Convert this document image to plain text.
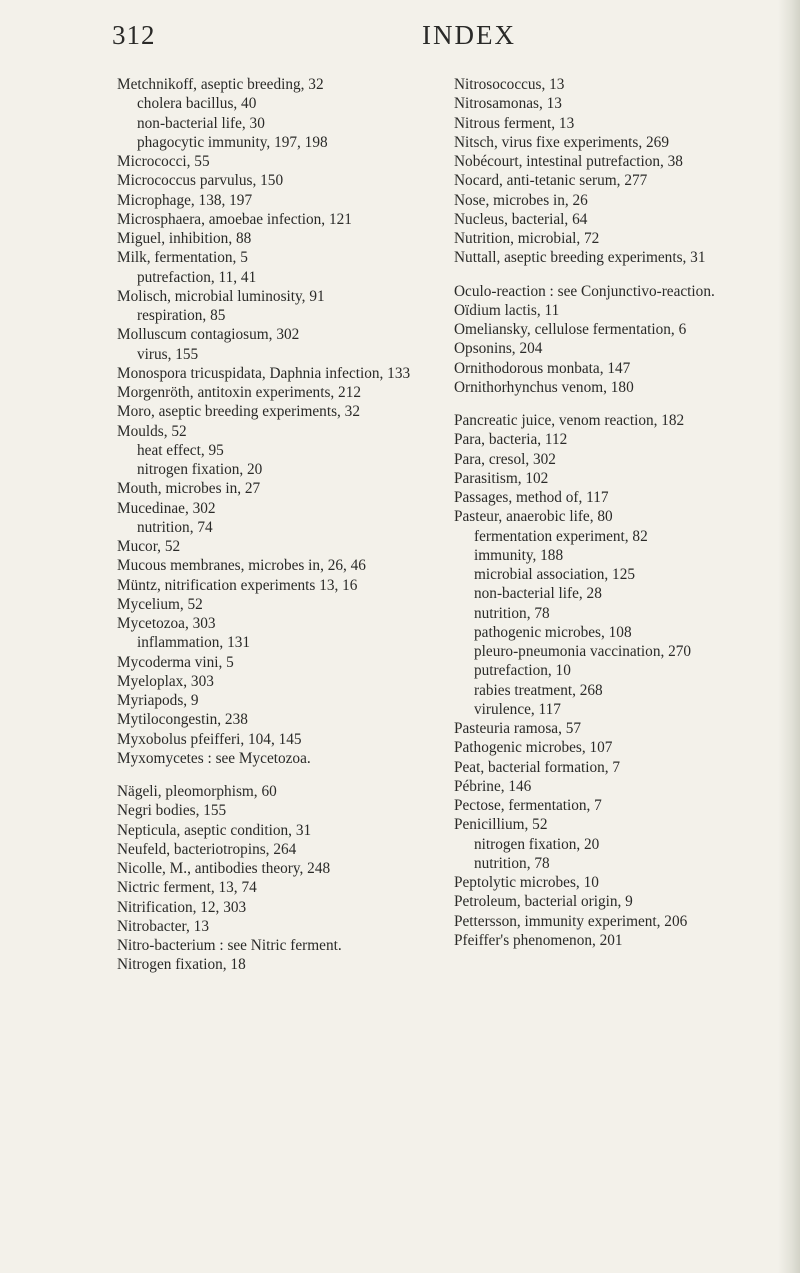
312	INDEX

Metchnikoff, aseptic breeding, 32

cholera bacillus, 40

non-bacterial life, 30

phagocytic immunity, 197, 198

Micrococci, 55

Micrococcus parvulus, 150

Microphage, 138, 197

Microsphaera, amoebae infection, 121

Miguel, inhibition, 88

Milk, fermentation, 5

putrefaction, 11, 41

Molisch, microbial luminosity, 91

respiration, 85

Molluscum contagiosum, 302

virus, 155

Monospora tricuspidata, Daphnia infection, 133

Morgenröth, antitoxin experiments, 212

Moro, aseptic breeding experiments, 32

Moulds, 52

heat effect, 95

nitrogen fixation, 20

Mouth, microbes in, 27

Mucedinae, 302

nutrition, 74

Mucor, 52

Mucous membranes, microbes in, 26, 46

Müntz, nitrification experiments 13, 16

Mycelium, 52

Mycetozoa, 303

inflammation, 131

Mycoderma vini, 5

Myeloplax, 303

Myriapods, 9

Mytilocongestin, 238

Myxobolus pfeifferi, 104, 145

Myxomycetes : see Mycetozoa.

Nägeli, pleomorphism, 60

Negri bodies, 155

Nepticula, aseptic condition, 31

Neufeld, bacteriotropins, 264

Nicolle, M., antibodies theory, 248

Nictric ferment, 13, 74

Nitrification, 12, 303

Nitrobacter, 13

Nitro-bacterium : see Nitric ferment.

Nitrogen fixation, 18

Nitrosococcus, 13

Nitrosamonas, 13

Nitrous ferment, 13

Nitsch, virus fixe experiments, 269

Nobécourt, intestinal putrefaction, 38

Nocard, anti-tetanic serum, 277

Nose, microbes in, 26

Nucleus, bacterial, 64

Nutrition, microbial, 72

Nuttall, aseptic breeding experiments, 31

Oculo-reaction : see Conjunctivo-reaction.

Oïdium lactis, 11

Omeliansky, cellulose fermentation, 6

Opsonins, 204

Ornithodorous monbata, 147

Ornithorhynchus venom, 180

Pancreatic juice, venom reaction, 182

Para, bacteria, 112

Para, cresol, 302

Parasitism, 102

Passages, method of, 117

Pasteur, anaerobic life, 80

fermentation experiment, 82

immunity, 188

microbial association, 125

non-bacterial life, 28

nutrition, 78

pathogenic microbes, 108

pleuro-pneumonia vaccination, 270

putrefaction, 10

rabies treatment, 268

virulence, 117

Pasteuria ramosa, 57

Pathogenic microbes, 107

Peat, bacterial formation, 7

Pébrine, 146

Pectose, fermentation, 7

Penicillium, 52

nitrogen fixation, 20

nutrition, 78

Peptolytic microbes, 10

Petroleum, bacterial origin, 9

Pettersson, immunity experiment, 206

Pfeiffer's phenomenon, 201
